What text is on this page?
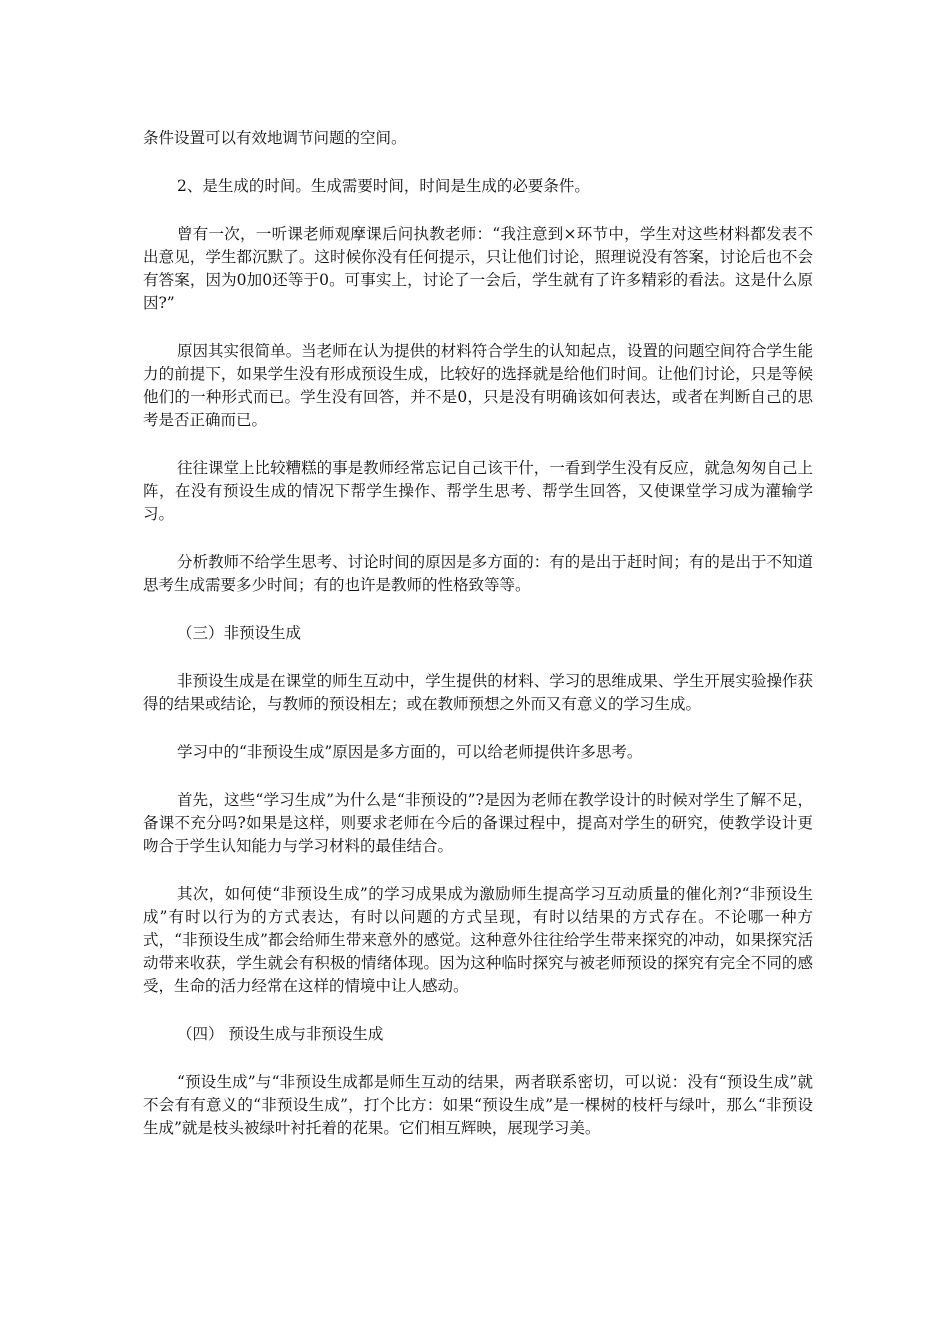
条件设置可以有效地调节问题的空间。

2、是生成的时间。生成需要时间，时间是生成的必要条件。

曾有一次，一听课老师观摩课后问执教老师：“我注意到×环节中，学生对这些材料都发表不出意见，学生都沉默了。这时候你没有任何提示，只让他们讨论，照理说没有答案，讨论后也不会有答案，因为0加0还等于0。可事实上，讨论了一会后，学生就有了许多精彩的看法。这是什么原因?”

原因其实很简单。当老师在认为提供的材料符合学生的认知起点，设置的问题空间符合学生能力的前提下，如果学生没有形成预设生成，比较好的选择就是给他们时间。让他们讨论，只是等候他们的一种形式而已。学生没有回答，并不是0，只是没有明确该如何表达，或者在判断自己的思考是否正确而已。

往往课堂上比较糟糕的事是教师经常忘记自己该干什，一看到学生没有反应，就急匆匆自己上阵，在没有预设生成的情况下帮学生操作、帮学生思考、帮学生回答，又使课堂学习成为灌输学习。

分析教师不给学生思考、讨论时间的原因是多方面的：有的是出于赶时间；有的是出于不知道思考生成需要多少时间；有的也许是教师的性格致等等。

（三）非预设生成

非预设生成是在课堂的师生互动中，学生提供的材料、学习的思维成果、学生开展实验操作获得的结果或结论，与教师的预设相左；或在教师预想之外而又有意义的学习生成。

学习中的“非预设生成”原因是多方面的，可以给老师提供许多思考。

首先，这些“学习生成”为什么是“非预设的”?是因为老师在教学设计的时候对学生了解不足，备课不充分吗?如果是这样，则要求老师在今后的备课过程中，提高对学生的研究，使教学设计更吻合于学生认知能力与学习材料的最佳结合。

其次，如何使“非预设生成”的学习成果成为激励师生提高学习互动质量的催化剂?“非预设生成”有时以行为的方式表达，有时以问题的方式呈现，有时以结果的方式存在。不论哪一种方式，“非预设生成”都会给师生带来意外的感觉。这种意外往往给学生带来探究的冲动，如果探究活动带来收获，学生就会有积极的情绪体现。因为这种临时探究与被老师预设的探究有完全不同的感受，生命的活力经常在这样的情境中让人感动。

（四） 预设生成与非预设生成

“预设生成”与“非预设生成都是师生互动的结果，两者联系密切，可以说：没有“预设生成”就不会有有意义的“非预设生成”，打个比方：如果“预设生成”是一棵树的枝杆与绿叶，那么“非预设生成”就是枝头被绿叶衬托着的花果。它们相互辉映，展现学习美。
